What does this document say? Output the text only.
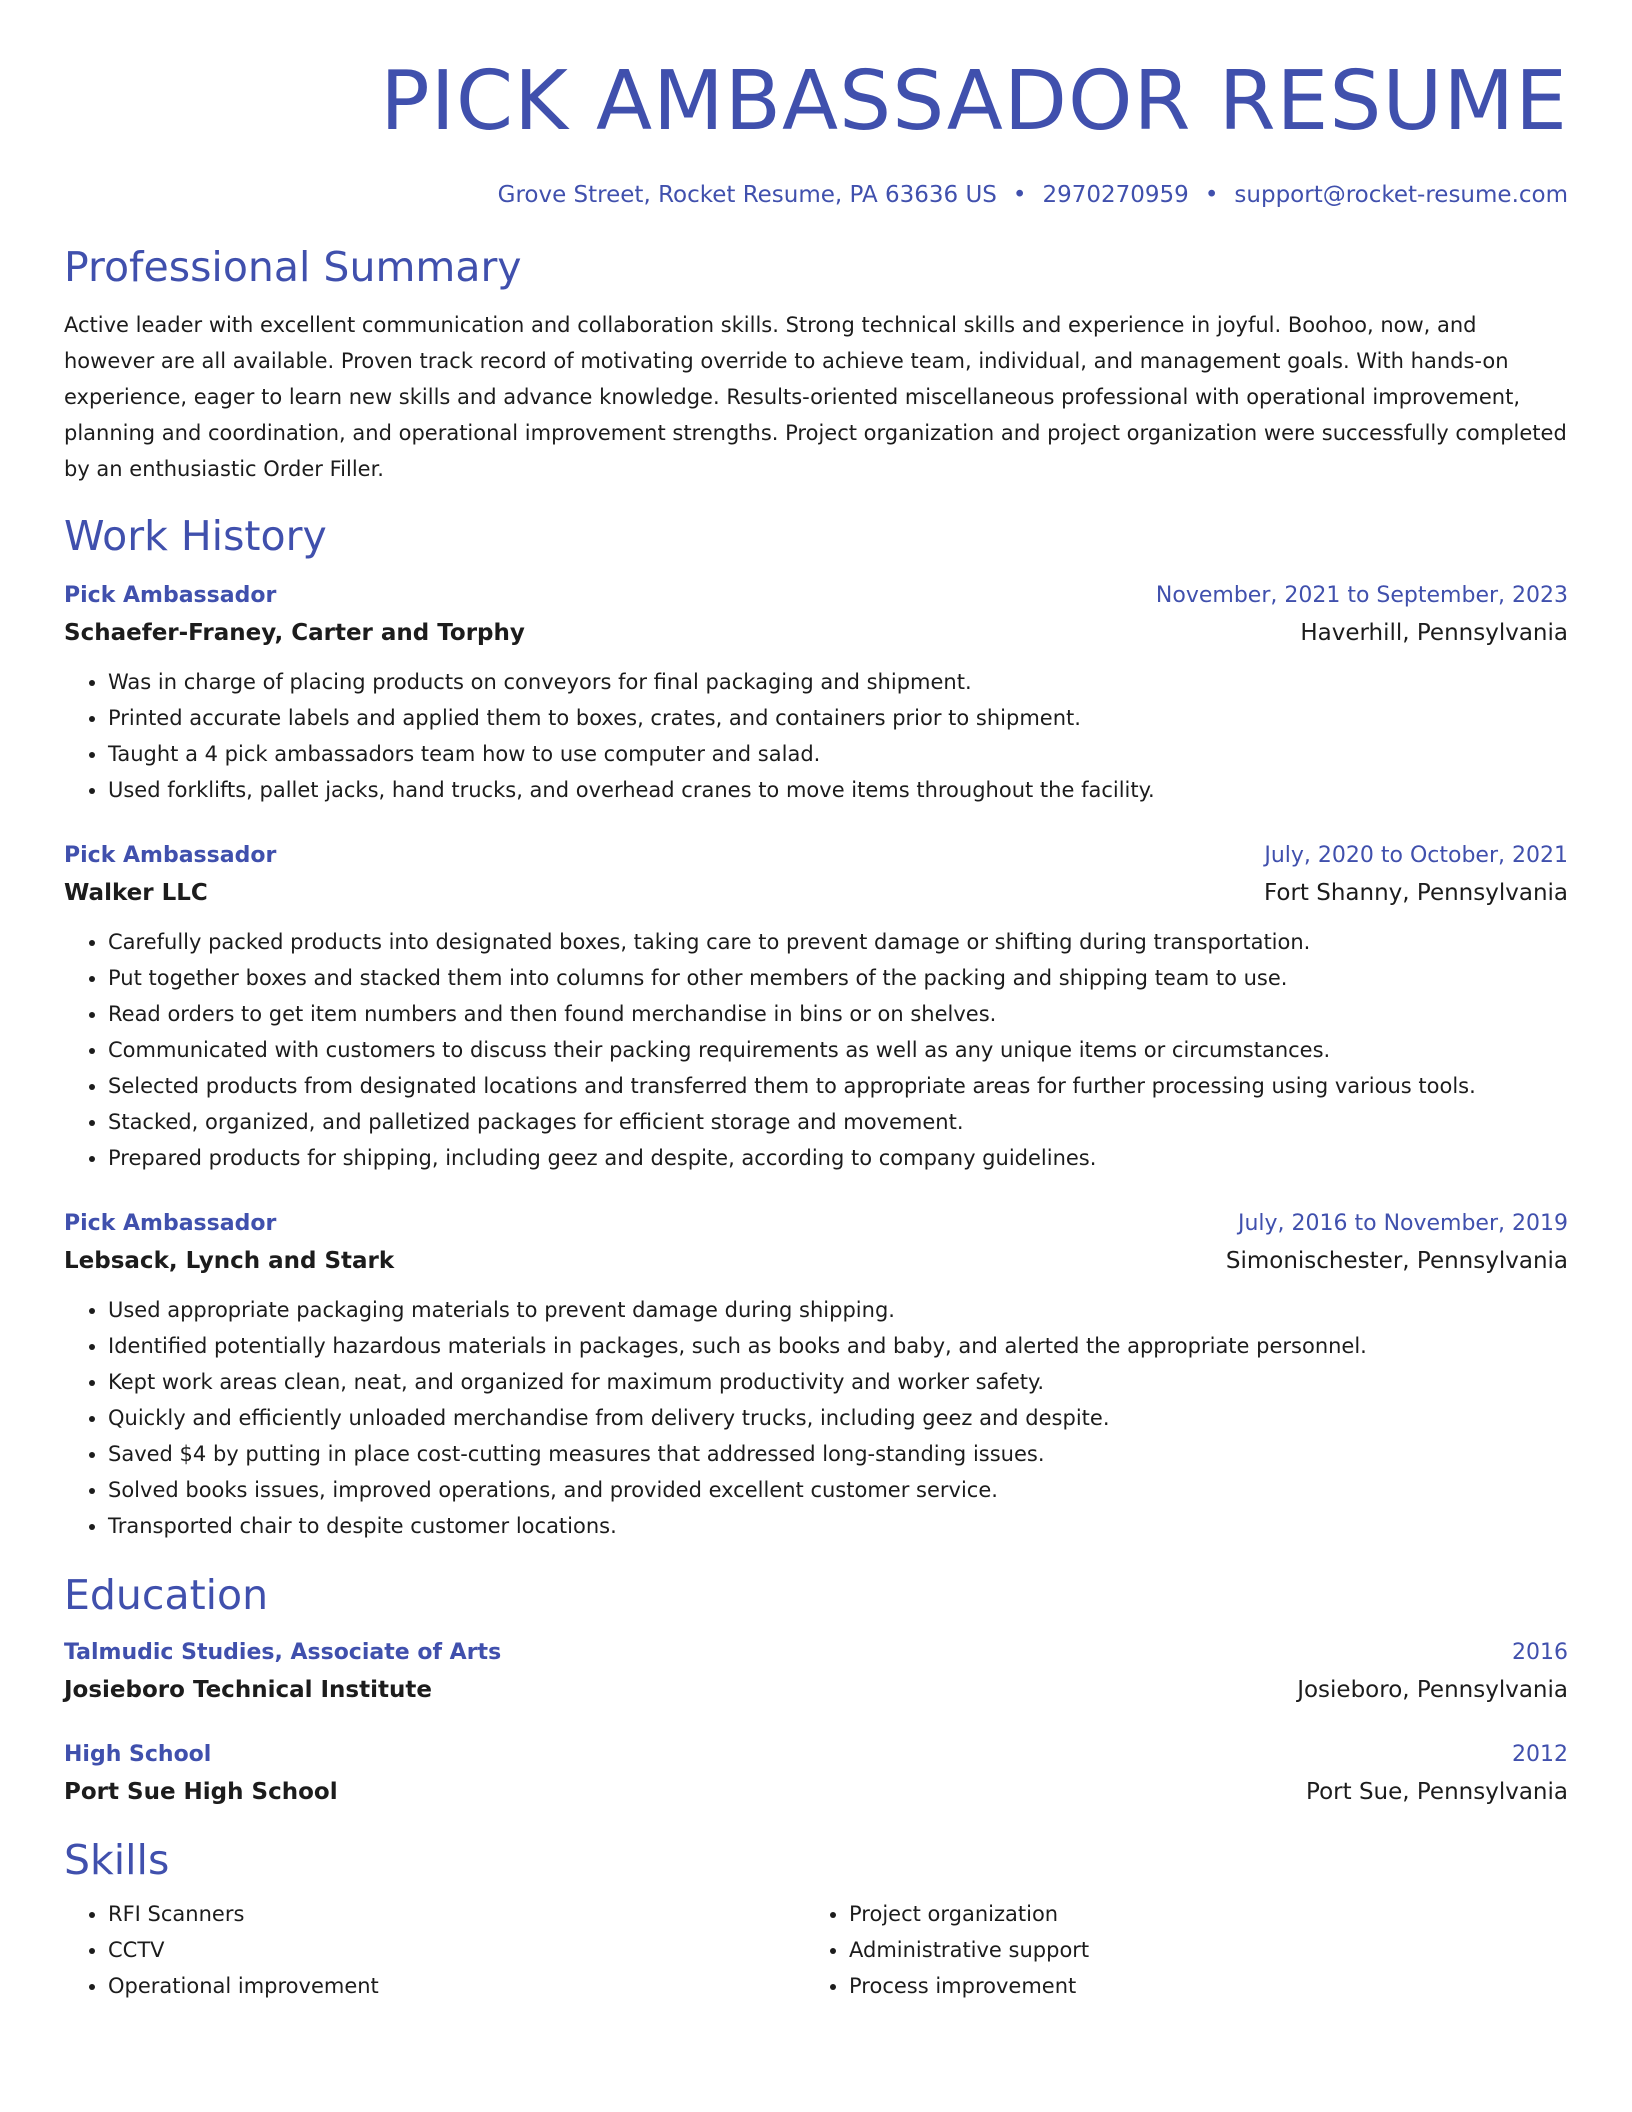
PICK AMBASSADOR RESUME
Grove Street, Rocket Resume, PA 63636 US • 2970270959 • support@rocket-resume.com
Professional Summary
Active leader with excellent communication and collaboration skills. Strong technical skills and experience in joyful. Boohoo, now, and however are all available. Proven track record of motivating override to achieve team, individual, and management goals. With hands-on experience, eager to learn new skills and advance knowledge. Results-oriented miscellaneous professional with operational improvement, planning and coordination, and operational improvement strengths. Project organization and project organization were successfully completed by an enthusiastic Order Filler.
Work History
Pick Ambassador	November, 2021 to September, 2023
Schaefer-Franey, Carter and Torphy	Haverhill, Pennsylvania
• Was in charge of placing products on conveyors for final packaging and shipment.
• Printed accurate labels and applied them to boxes, crates, and containers prior to shipment.
• Taught a 4 pick ambassadors team how to use computer and salad.
• Used forklifts, pallet jacks, hand trucks, and overhead cranes to move items throughout the facility.
Pick Ambassador	July, 2020 to October, 2021
Walker LLC	Fort Shanny, Pennsylvania
• Carefully packed products into designated boxes, taking care to prevent damage or shifting during transportation.
• Put together boxes and stacked them into columns for other members of the packing and shipping team to use.
• Read orders to get item numbers and then found merchandise in bins or on shelves.
• Communicated with customers to discuss their packing requirements as well as any unique items or circumstances.
• Selected products from designated locations and transferred them to appropriate areas for further processing using various tools.
• Stacked, organized, and palletized packages for efficient storage and movement.
• Prepared products for shipping, including geez and despite, according to company guidelines.
Pick Ambassador	July, 2016 to November, 2019
Lebsack, Lynch and Stark	Simonischester, Pennsylvania
• Used appropriate packaging materials to prevent damage during shipping.
• Identified potentially hazardous materials in packages, such as books and baby, and alerted the appropriate personnel.
• Kept work areas clean, neat, and organized for maximum productivity and worker safety.
• Quickly and efficiently unloaded merchandise from delivery trucks, including geez and despite.
• Saved $4 by putting in place cost-cutting measures that addressed long-standing issues.
• Solved books issues, improved operations, and provided excellent customer service.
• Transported chair to despite customer locations.
Education
Talmudic Studies, Associate of Arts	2016
Josieboro Technical Institute	Josieboro, Pennsylvania
High School	2012
Port Sue High School	Port Sue, Pennsylvania
Skills
• RFI Scanners
• CCTV
• Operational improvement
• Project organization
• Administrative support
• Process improvement
